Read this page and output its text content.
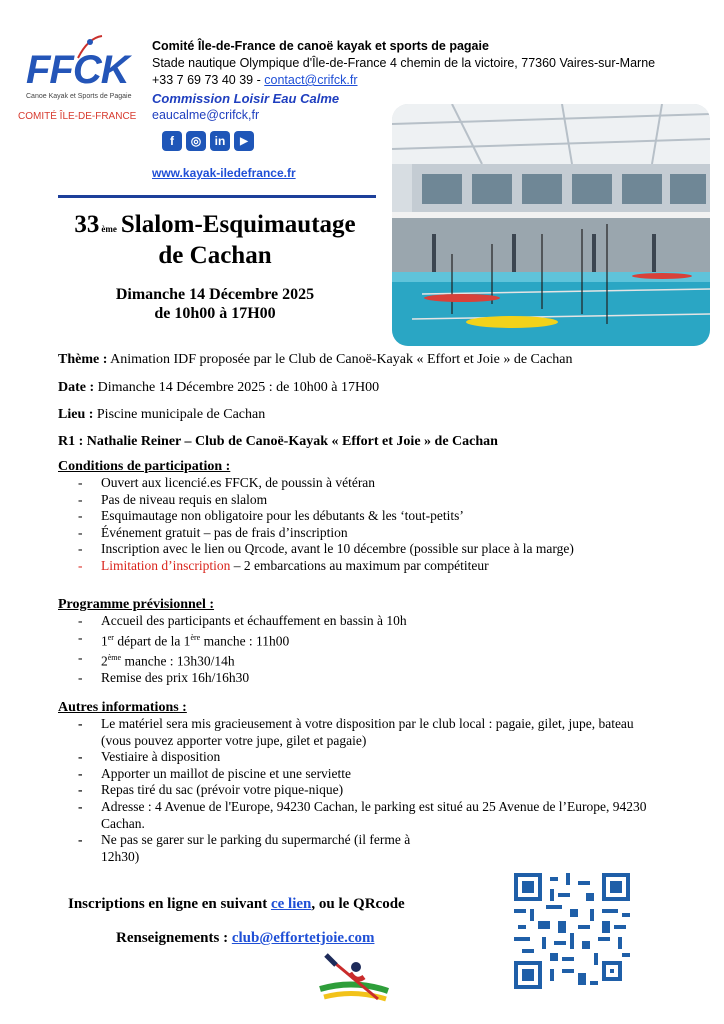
FFCK
Canoe Kayak et Sports de Pagaie
COMITÉ ÎLE-DE-FRANCE
Comité Île-de-France de canoë kayak et sports de pagaie
Stade nautique Olympique d'Île-de-France 4 chemin de la victoire, 77360 Vaires-sur-Marne
+33 7 69 73 40 39 - contact@crifck.fr
Commission Loisir Eau Calme
eaucalme@crifck,fr
f	◎	in	▶
www.kayak-iledefrance.fr
33 $^{ème}$ Slalom-Esquimautage
de Cachan
Dimanche 14 Décembre 2025
de 10h00 à 17H00
Thème : Animation IDF proposée par le Club de Canoë-Kayak « Effort et Joie » de Cachan
Date : Dimanche 14 Décembre 2025 : de 10h00 à 17H00
Lieu : Piscine municipale de Cachan
R1 : Nathalie Reiner – Club de Canoë-Kayak « Effort et Joie » de Cachan
Conditions de participation :
- Ouvert aux licencié.es FFCK, de poussin à vétéran
- Pas de niveau requis en slalom
- Esquimautage non obligatoire pour les débutants & les ‘tout-petits’
- Événement gratuit – pas de frais d’inscription
- Inscription avec le lien ou Qrcode, avant le 10 décembre (possible sur place à la marge)
- Limitation d’inscription – 2 embarcations au maximum par compétiteur
Programme prévisionnel :
- Accueil des participants et échauffement en bassin à 10h
- 1er départ de la 1ère manche : 11h00
- 2ème manche : 13h30/14h
- Remise des prix 16h/16h30
Autres informations :
- Le matériel sera mis gracieusement à votre disposition par le club local : pagaie, gilet, jupe, bateau (vous pouvez apporter votre jupe, gilet et pagaie)
- Vestiaire à disposition
- Apporter un maillot de piscine et une serviette
- Repas tiré du sac (prévoir votre pique-nique)
- Adresse : 4 Avenue de l'Europe, 94230 Cachan, le parking est situé au 25 Avenue de l’Europe, 94230 Cachan.
- Ne pas se garer sur le parking du supermarché (il ferme à 12h30)
Inscriptions en ligne en suivant ce lien, ou le QRcode
Renseignements : club@effortetjoie.com
